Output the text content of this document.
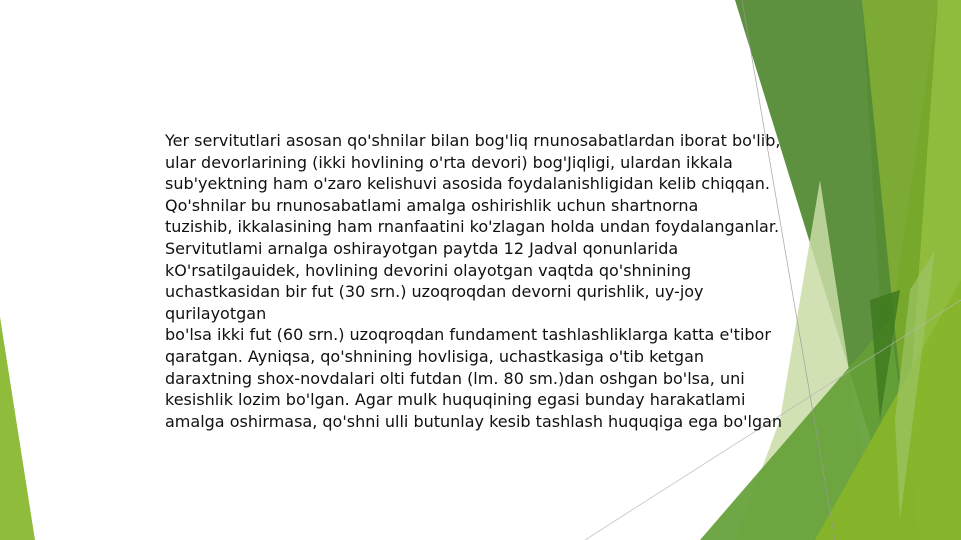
Yer servitutlari asosan qo'shnilar bilan bog'liq rnunosabatlardan iborat bo'lib,
ular devorlarining (ikki hovlining o'rta devori) bog'Jiqligi, ulardan ikkala
sub'yektning ham o'zaro kelishuvi asosida foydalanishligidan kelib chiqqan.
Qo'shnilar bu rnunosabatlami amalga oshirishlik uchun shartnorna
tuzishib, ikkalasining ham rnanfaatini ko'zlagan holda undan foydalanganlar.
Servitutlami arnalga oshirayotgan paytda 12 Jadval qonunlarida
kO'rsatilgauidek, hovlining devorini olayotgan vaqtda qo'shnining
uchastkasidan bir fut (30 srn.) uzoqroqdan devorni qurishlik, uy-joy
qurilayotgan
bo'lsa ikki fut (60 srn.) uzoqroqdan fundament tashlashliklarga katta e'tibor
qaratgan. Ayniqsa, qo'shnining hovlisiga, uchastkasiga o'tib ketgan
daraxtning shox-novdalari olti futdan (lm. 80 sm.)dan oshgan bo'lsa, uni
kesishlik lozim bo'lgan. Agar mulk huquqining egasi bunday harakatlami
amalga oshirmasa, qo'shni ulli butunlay kesib tashlash huquqiga ega bo'lgan
